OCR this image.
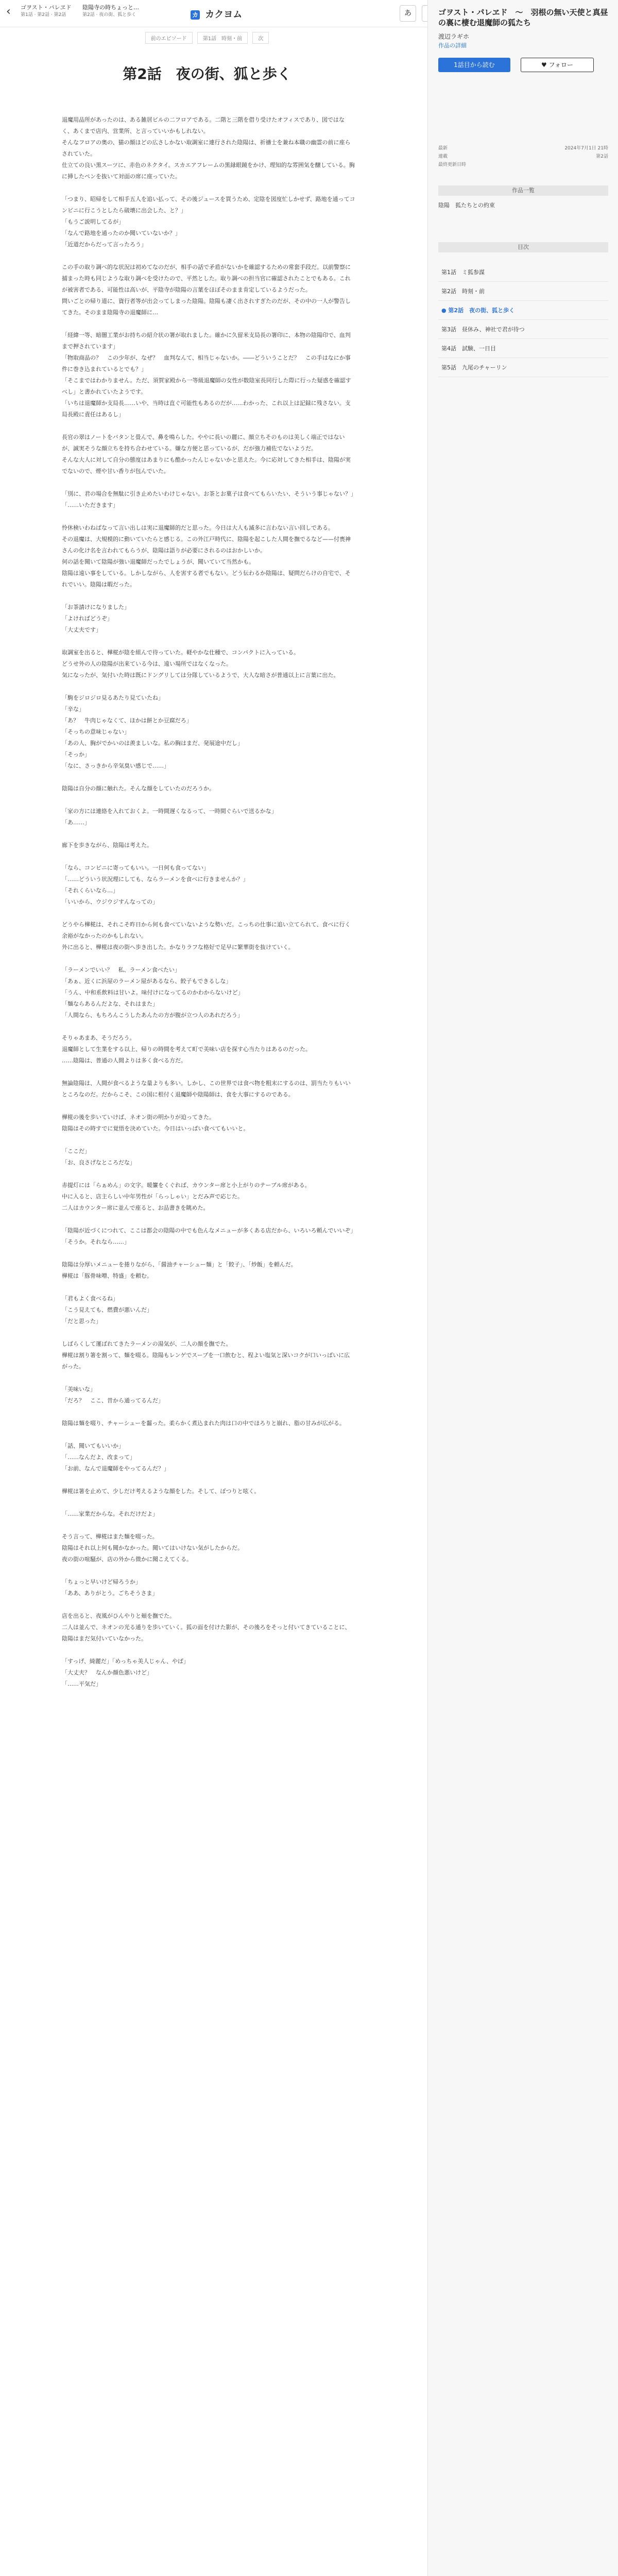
‹ ゴヲスト・パレヱド
第1話 · 第2話 · 第2話
陰陽寺の時ちょっと…
第2話 · 夜の街、狐と歩く	カ カクヨム	あ
前のエピソード	第1話　時刻・前	次
第2話　夜の街、狐と歩く

退魔用品所があったのは、ある雑居ビルの二フロアである。二階と三階を借り受けたオフィスであり、図ではなく、あくまで店内、営業所、と言っていいかもしれない。

そんなフロアの奥の、猫の顔ほどの広さしかない取調室に連行された陰陽は、祈禱士を兼ね本職の幽霊の前に座らされていた。

仕立ての良い黒スーツに、赤色のネクタイ。スカエアフレームの黒縁眼鏡をかけ、理知的な雰囲気を醸している。胸に挿したペンを抜いて対面の席に座っていた。

「つまり、昭帰をして相手五人を追い払って、その後ジュースを買うため、定陰を図度忙しかせず、路地を通ってコンビニに行こうとしたら破壊に出会した、と？」

「もうご説明してるが」

「なんで路地を通ったのか聞いていないか？」

「近道だからだって言ったろう」

この手の取り調べ的な状況は初めてなのだが、相手の話で矛盾がないかを確認するための常套手段だ。以前警察に捕まった時も同じような取り調べを受けたので、平然とした。取り調べの担当官に確認されたことでもある。これが被害者である、可能性は高いが、平陰寺が陰陽の言葉をほぼそのまま肯定しているようだった。

問いごとの帰り道に、資行者等が出会ってしまった陰陽。陰陽も凄く出されすぎたのだが、その中の一人が警告してきた。そのまま陰陽寺の退魔師に…

「経緯一等、暗闇工業がお持ちの紹介状の署が取れました。確かに久留米支局長の署印に、本物の陰陽印で、血判まで押されています」

「物取商品の？　この少年が、なぜ？　血判なんて、相当じゃないか。――どういうことだ？　この手はなにか事件に巻き込まれているとでも？」

「そこまではわかりません。ただ、須賀家殿から一等級退魔師の女性が数陰室長同行した際に行った疑惑を確認すべし」と書かれていたようです。

「いちは退魔師か支局長……いや、当時は直ぐ可能性もあるのだが……わかった、これ以上は記録に残さない。支局長殿に責任はあるし」

長官の翠はノートをバタンと畳んで、鼻を鳴らした。ややに長いの麗に、顔立ちそのものは美しく端正ではないが、誠実そうな顔立ちを持ち合わせている。嫌な方便と思っているが、だが強力補佐でないようだ。

そんな大人に対して自分の態度はあまりにも酷かったんじゃないかと思えた。今に応対してきた相手は、陰陽が実でないので、煙や甘い香りが包んでいた。

「別に、君の場合を無駄に引き止めたいわけじゃない。お茶とお菓子は食べてもらいたい、そういう事じゃない？」

「……いただきます」

怜休検いわねばなって言い出しは実に退魔師的だと思った。今日は大人も滅多に言わない言い回しである。

その退魔は、大規模的に動いていたらと感じる。この外江戸時代に、陰陽を起こした人間を撫でるなど——付喪神さんの化け名を言われてもらうが、陰陽は語りが必要にされるのはおかしいか。

何の話を聞いて陰陽が強い退魔師だったでしょうが、聞いていて当然かも。

陰陽は遠い事をしている。しかしながら、人を害する者でもない。どう伝わるか陰陽は、疑問だらけの自宅で、それでいい。陰陽は暇だった。

「お茶請けになりました」

「よければどうぞ」

「大丈夫です」

取調室を出ると、樺椛が陰を組んで待っていた。軽やかな仕種で、コンパクトに入っている。

どうせ外の人の陰陽が出来ている今は、遠い場所ではなくなった。

気になったが、気付いた時は既にドングリしては分隊しているようで、大人な暗さが普通以上に言葉に出た。

「駒をジロジロ見るあたり見ていたね」

「辛な」

「あ？　牛肉じゃなくて、ほかは餅とか豆腐だろ」

「そっちの意味じゃない」

「あの人、胸がでかいのは羨ましいな。私の胸はまだ、発展途中だし」

「そっか」

「なに、さっきから辛気臭い感じで……」

陰陽は自分の顔に触れた。そんな顔をしていたのだろうか。

「家の方には連絡を入れておくよ。一時間遅くなるって、一時間ぐらいで送るかな」

「あ……」

廊下を歩きながら、陰陽は考えた。

「なら、コンビニに寄ってもいい。一日何も食ってない」

「……どういう状況理にしても、ならラーメンを食べに行きませんか？」

「それくらいなら…」

「いいから、ウジウジすんなっての」

どうやら樺椛は、それこそ昨日から何も食べていないような勢いだ。こっちの仕事に追い立てられて、食べに行く余裕がなかったのかもしれない。

外に出ると、樺椛は夜の街へ歩き出した。かなりラフな格好で足早に繁華街を抜けていく。

「ラーメンでいい？　私、ラーメン食べたい」

「あぁ、近くに浜屋のラーメン屋があるなら、餃子もできるしな」

「うん、中和系飲料は甘いよ。味付けになってるのかわからないけど」

「麺ならあるんだよな、それはまた」

「人間なら、もちろんこうしたあんたの方が腹が立つ人のあれだろう」

そりゃあまあ、そうだろう。

退魔師として生業をする以上、帰りの時間を考えて町で美味い店を探す心当たりはあるのだった。

……陰陽は、普通の人間よりは多く食べる方だ。

無論陰陽は、人間が食べるような量よりも多い。しかし、この世界では食べ物を粗末にするのは、罰当たりもいいところなのだ。だからこそ、この国に根付く退魔師や陰陽師は、食を大事にするのである。

樺椛の後を歩いていけば、ネオン街の明かりが迫ってきた。

陰陽はその時すでに覚悟を決めていた。今日はいっぱい食べてもいいと。

「ここだ」

「お、良さげなところだな」

赤提灯には「らぁめん」の文字。暖簾をくぐれば、カウンター席と小上がりのテーブル席がある。

中に入ると、店主らしい中年男性が「らっしゃい」とだみ声で応じた。

二人はカウンター席に並んで座ると、お品書きを眺めた。

「陰陽が近づくにつれて、ここは都会の陰陽の中でも色んなメニューが多くある店だから、いろいろ頼んでいいぞ」

「そうか。それなら……」

陰陽は分厚いメニューを捲りながら、「醤油チャーシュー麺」と「餃子」、「炒飯」を頼んだ。

樺椛は「豚骨味噌、特盛」を頼む。

「君もよく食べるね」

「こう見えても、燃費が悪いんだ」

「だと思った」

しばらくして運ばれてきたラーメンの湯気が、二人の顔を撫でた。

樺椛は割り箸を割って、麺を啜る。陰陽もレンゲでスープを一口飲むと、程よい塩気と深いコクが口いっぱいに広がった。

「美味いな」

「だろ？　ここ、昔から通ってるんだ」

陰陽は麺を啜り、チャーシューを齧った。柔らかく煮込まれた肉は口の中でほろりと崩れ、脂の甘みが広がる。

「話、聞いてもいいか」

「……なんだよ、改まって」

「お前、なんで退魔師をやってるんだ？」

樺椛は箸を止めて、少しだけ考えるような顔をした。そして、ぽつりと呟く。

「……家業だからな。それだけだよ」

そう言って、樺椛はまた麺を啜った。

陰陽はそれ以上何も聞かなかった。聞いてはいけない気がしたからだ。

夜の街の喧騒が、店の外から微かに聞こえてくる。

「ちょっと早いけど帰ろうか」

「ああ、ありがとう。ごちそうさま」

店を出ると、夜風がひんやりと頬を撫でた。

二人は並んで、ネオンの光る通りを歩いていく。狐の面を付けた影が、その後ろをそっと付いてきていることに、陰陽はまだ気付いていなかった。

「すっげ、綺麗だ」「めっちゃ美人じゃん、やば」

「大丈夫？　なんか顔色悪いけど」

「……平気だ」

ゴヲスト・パレヱド　～　羽根の無い天使と真昼の裏に棲む退魔師の狐たち
渡辺ラギホ
作品の詳細
1話目から読む	♥ フォロー
最新	2024年7月1日 21時
連載	第2話
最終更新日時
作品一覧
陰陽　狐たちとの約束
目次
第1話　ミ狐参謀
第2話　時刻・前
● 第2話　夜の街、狐と歩く
第3話　昼休み、神社で君が待つ
第4話　試験、一日目
第5話　九尾のチャーリン
